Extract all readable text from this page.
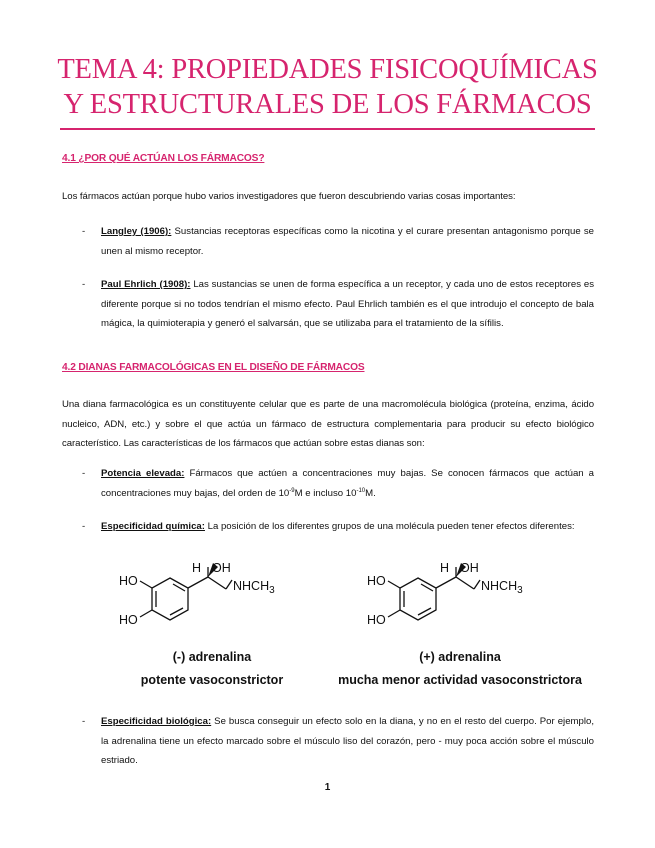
TEMA 4: PROPIEDADES FISICOQUÍMICAS
Y ESTRUCTURALES DE LOS FÁRMACOS
4.1 ¿POR QUÉ ACTÚAN LOS FÁRMACOS?
Los fármacos actúan porque hubo varios investigadores que fueron descubriendo varias cosas importantes:
- Langley (1906): Sustancias receptoras específicas como la nicotina y el curare presentan antagonismo porque se unen al mismo receptor.
- Paul Ehrlich (1908): Las sustancias se unen de forma específica a un receptor, y cada uno de estos receptores es diferente porque si no todos tendrían el mismo efecto. Paul Ehrlich también es el que introdujo el concepto de bala mágica, la quimioterapia y generó el salvarsán, que se utilizaba para el tratamiento de la sífilis.
4.2 DIANAS FARMACOLÓGICAS EN EL DISEÑO DE FÁRMACOS
Una diana farmacológica es un constituyente celular que es parte de una macromolécula biológica (proteína, enzima, ácido nucleico, ADN, etc.) y sobre el que actúa un fármaco de estructura complementaria para producir su efecto biológico característico. Las características de los fármacos que actúan sobre estas dianas son:
- Potencia elevada: Fármacos que actúen a concentraciones muy bajas. Se conocen fármacos que actúan a concentraciones muy bajas, del orden de $10^{-9}M$ e incluso $10^{-10}M$.
- Especificidad química: La posición de los diferentes grupos de una molécula pueden tener efectos diferentes:
HO
HO
H OH
$NHCH_3$
(-) adrenalina
potente vasoconstrictor
HO
HO
H OH
$NHCH_3$
(+) adrenalina
mucha menor actividad vasoconstrictora
- Especificidad biológica: Se busca conseguir un efecto solo en la diana, y no en el resto del cuerpo. Por ejemplo, la adrenalina tiene un efecto marcado sobre el músculo liso del corazón, pero - muy poca acción sobre el músculo estriado.
1
